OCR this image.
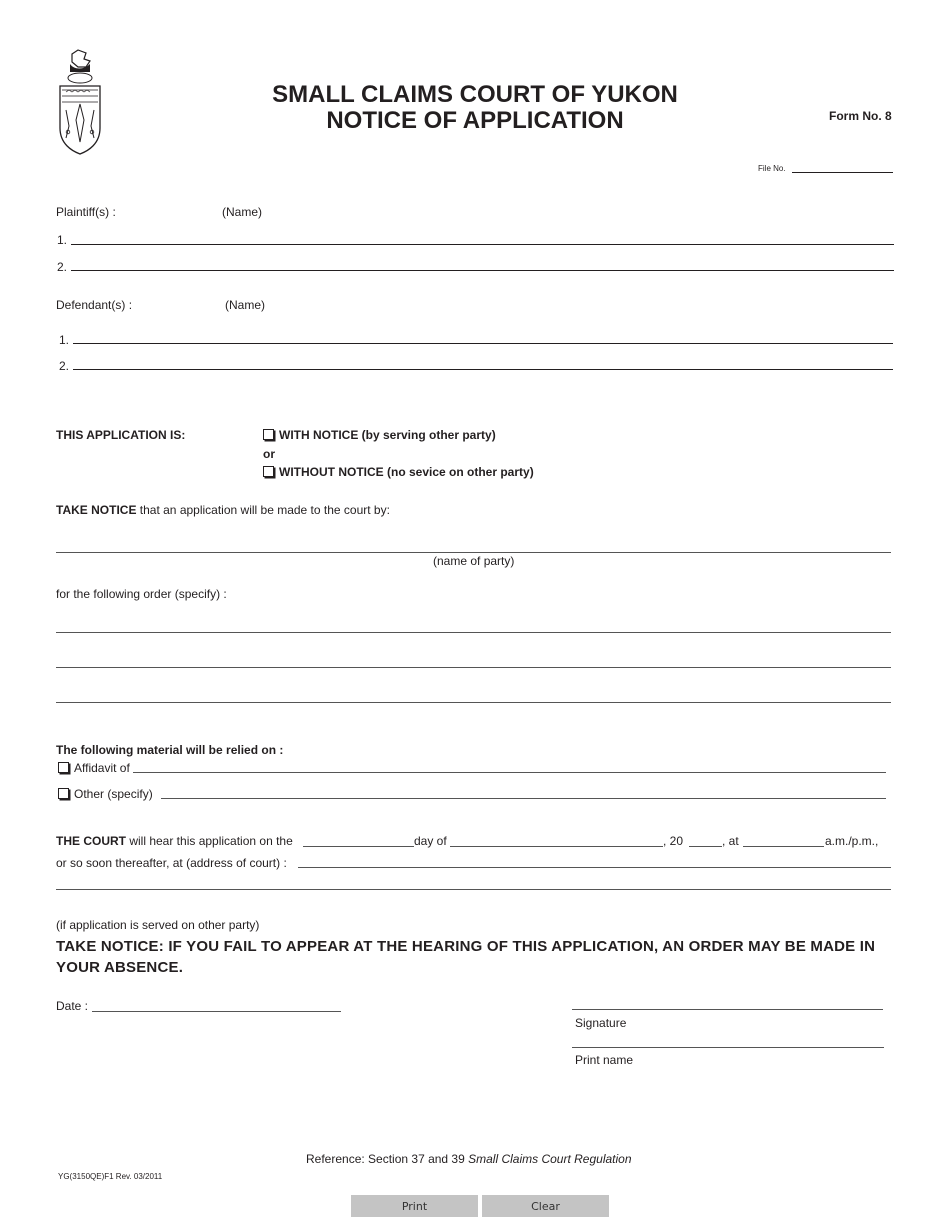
SMALL CLAIMS COURT OF YUKON
NOTICE OF APPLICATION	Form No. 8
File No.
Plaintiff(s) :	(Name)
1.
2.
Defendant(s) :	(Name)
1.
2.
THIS APPLICATION IS:	WITH NOTICE (by serving other party)
or
WITHOUT NOTICE (no sevice on other party)
TAKE NOTICE that an application will be made to the court by:
(name of party)
for the following order (specify) :
The following material will be relied on :
Affidavit of
Other (specify)
THE COURT will hear this application on the	day of	, 20	, at	a.m./p.m.,
or so soon thereafter, at (address of court) :
(if application is served on other party)
TAKE NOTICE: IF YOU FAIL TO APPEAR AT THE HEARING OF THIS APPLICATION, AN ORDER MAY BE MADE IN YOUR ABSENCE.
Date :
Signature
Print name
Reference: Section 37 and 39 Small Claims Court Regulation
YG(3150QE)F1 Rev. 03/2011
Print	Clear
